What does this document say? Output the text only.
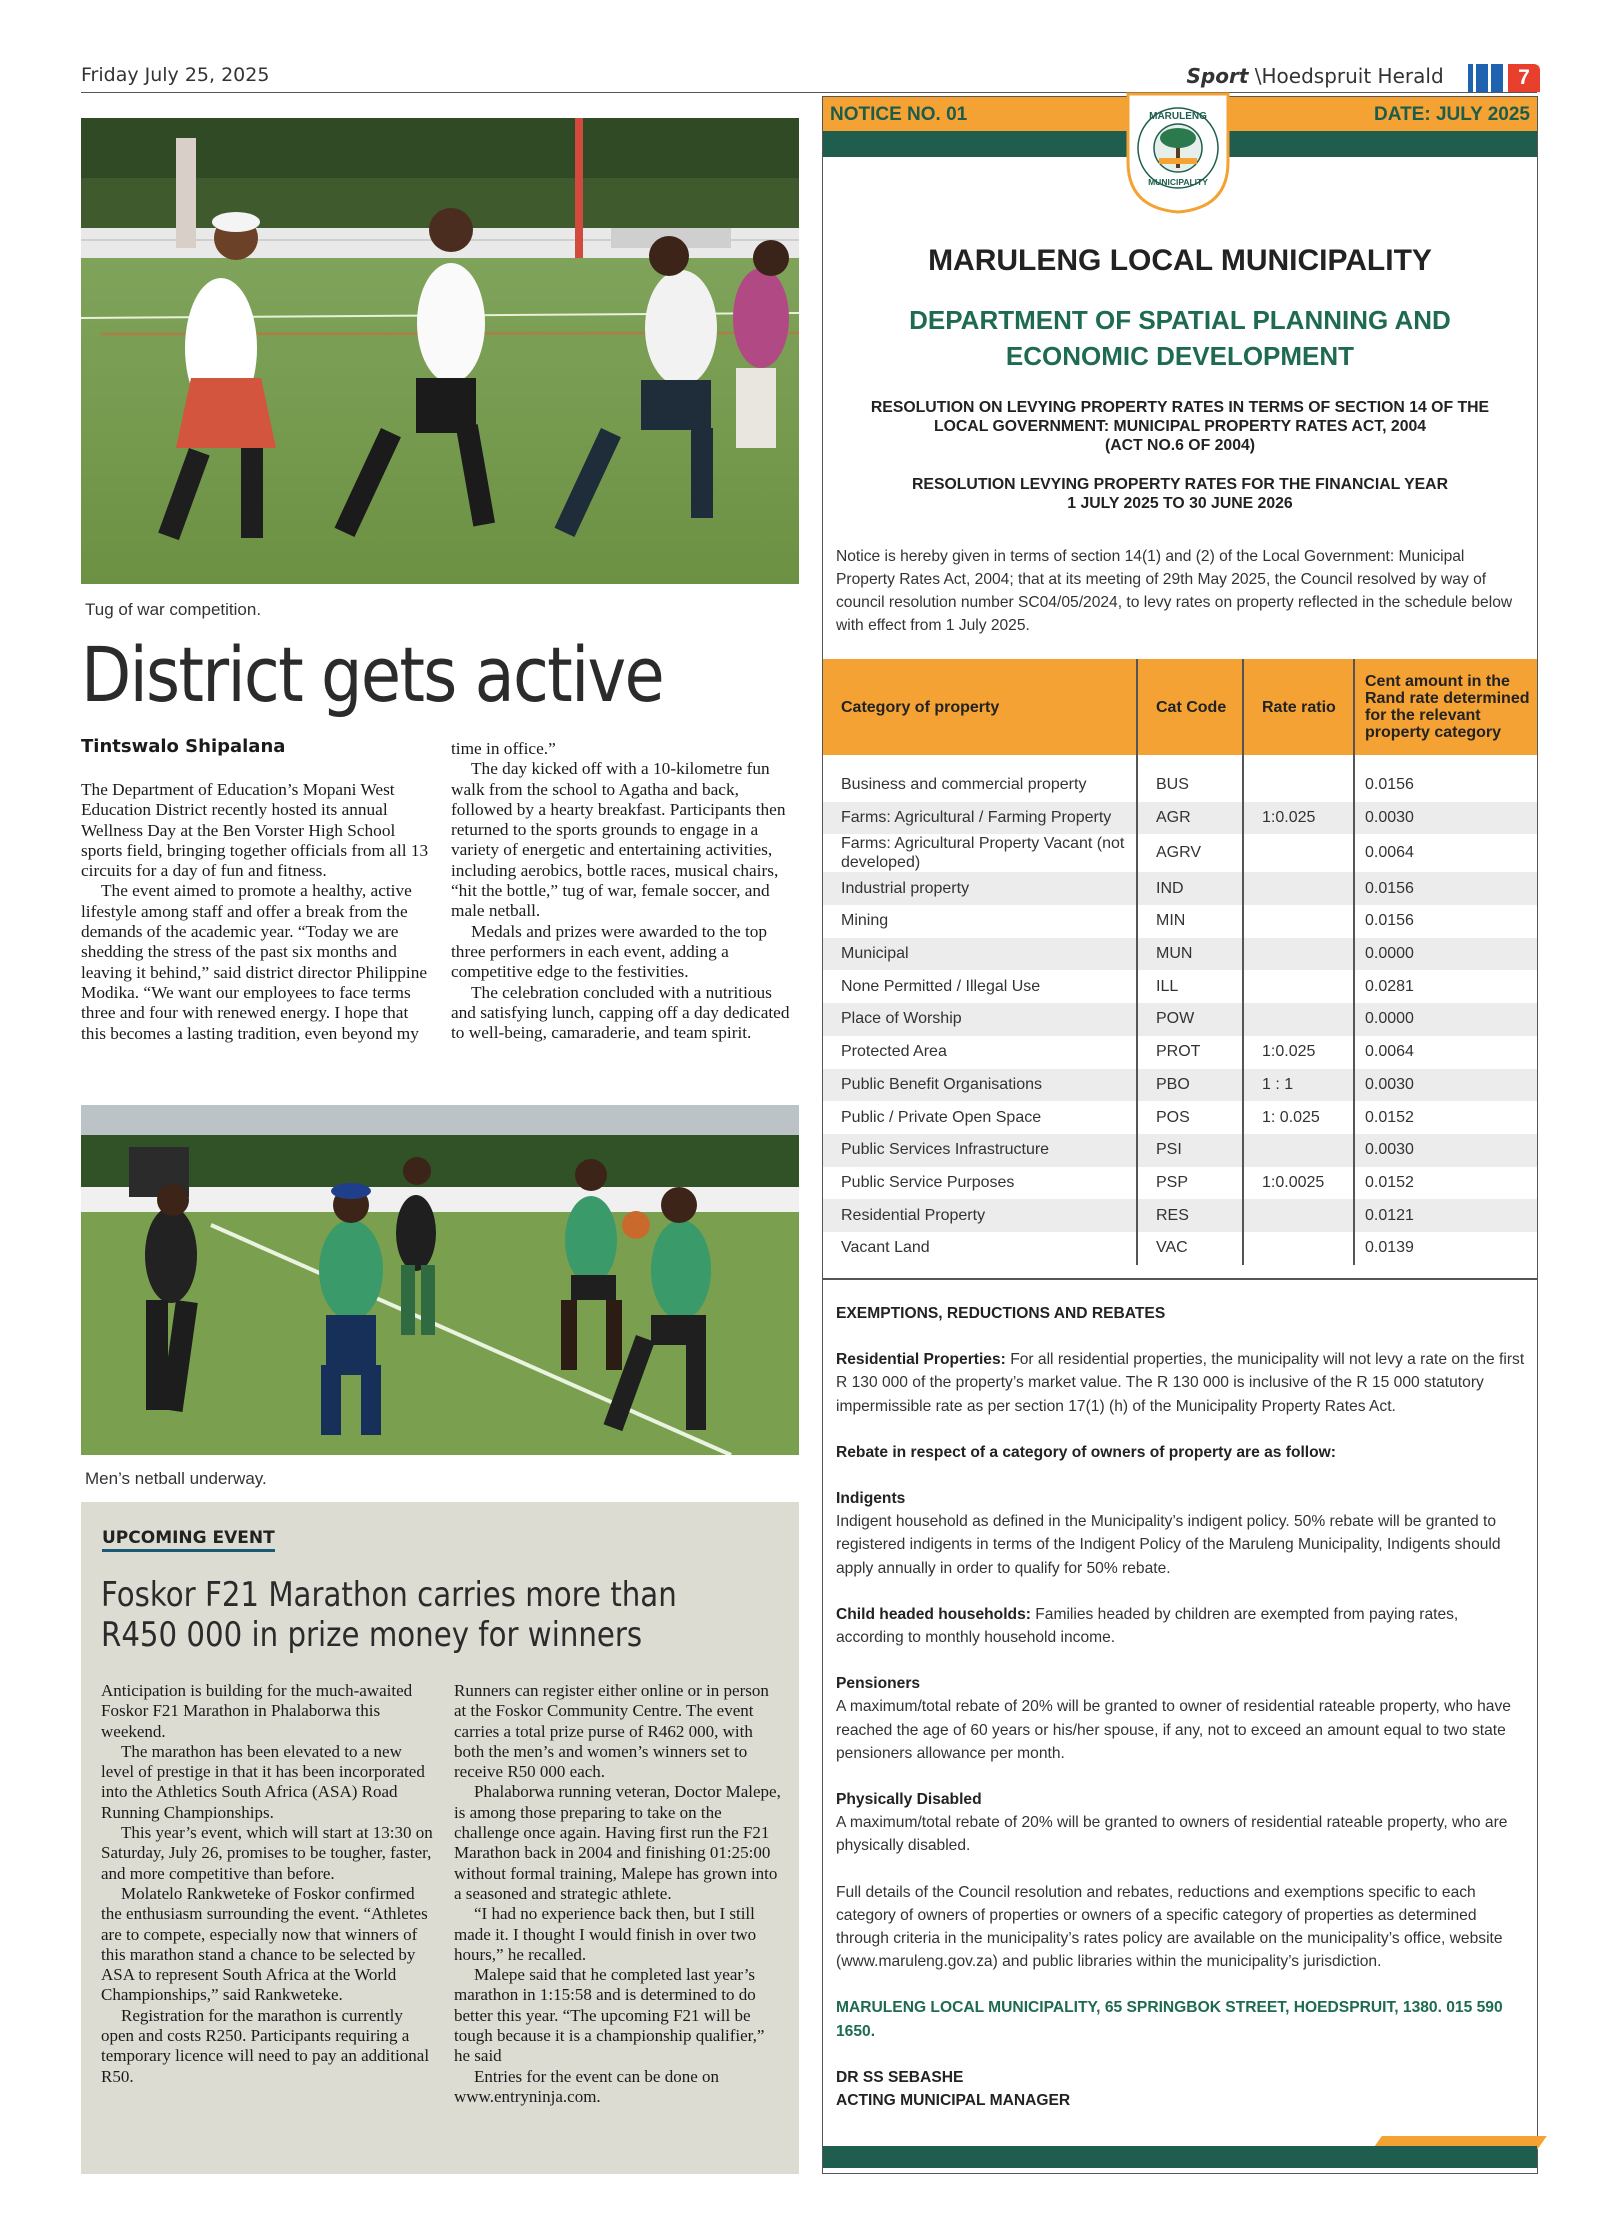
Friday July 25, 2025	Sport \Hoedspruit Herald	7
Tug of war competition.
District gets active
Tintswalo Shipalana

The Department of Education’s Mopani West Education District recently hosted its annual Wellness Day at the Ben Vorster High School sports field, bringing together officials from all 13 circuits for a day of fun and fitness.

The event aimed to promote a healthy, active lifestyle among staff and offer a break from the demands of the academic year. “Today we are shedding the stress of the past six months and leaving it behind,” said district director Philippine Modika. “We want our employees to face terms three and four with renewed energy. I hope that this becomes a lasting tradition, even beyond my

time in office.”

The day kicked off with a 10-kilometre fun walk from the school to Agatha and back, followed by a hearty breakfast. Participants then returned to the sports grounds to engage in a variety of energetic and entertaining activities, including aerobics, bottle races, musical chairs, “hit the bottle,” tug of war, female soccer, and male netball.

Medals and prizes were awarded to the top three performers in each event, adding a competitive edge to the festivities.

The celebration concluded with a nutritious and satisfying lunch, capping off a day dedicated to well-being, camaraderie, and team spirit.

Men’s netball underway.
UPCOMING EVENT
Foskor F21 Marathon carries more than R450 000 in prize money for winners

Anticipation is building for the much-awaited Foskor F21 Marathon in Phalaborwa this weekend.

The marathon has been elevated to a new level of prestige in that it has been incorporated into the Athletics South Africa (ASA) Road Running Championships.

This year’s event, which will start at 13:30 on Saturday, July 26, promises to be tougher, faster, and more competitive than before.

Molatelo Rankweteke of Foskor confirmed the enthusiasm surrounding the event. “Athletes are to compete, especially now that winners of this marathon stand a chance to be selected by ASA to represent South Africa at the World Championships,” said Rankweteke.

Registration for the marathon is currently open and costs R250. Participants requiring a temporary licence will need to pay an additional R50.

Runners can register either online or in person at the Foskor Community Centre. The event carries a total prize purse of R462 000, with both the men’s and women’s winners set to receive R50 000 each.

Phalaborwa running veteran, Doctor Malepe, is among those preparing to take on the challenge once again. Having first run the F21 Marathon back in 2004 and finishing 01:25:00 without formal training, Malepe has grown into a seasoned and strategic athlete.

“I had no experience back then, but I still made it. I thought I would finish in over two hours,” he recalled.

Malepe said that he completed last year’s marathon in 1:15:58 and is determined to do better this year. “The upcoming F21 will be tough because it is a championship qualifier,” he said

Entries for the event can be done on www.entryninja.com.

NOTICE NO. 01	DATE: JULY 2025
MARULENG
MUNICIPALITY
MARULENG LOCAL MUNICIPALITY
DEPARTMENT OF SPATIAL PLANNING AND
ECONOMIC DEVELOPMENT
RESOLUTION ON LEVYING PROPERTY RATES IN TERMS OF SECTION 14 OF THE
LOCAL GOVERNMENT: MUNICIPAL PROPERTY RATES ACT, 2004
(ACT NO.6 OF 2004)
RESOLUTION LEVYING PROPERTY RATES FOR THE FINANCIAL YEAR
1 JULY 2025 TO 30 JUNE 2026
Notice is hereby given in terms of section 14(1) and (2) of the Local Government: Municipal Property Rates Act, 2004; that at its meeting of 29th May 2025, the Council resolved by way of council resolution number SC04/05/2024, to levy rates on property reflected in the schedule below with effect from 1 July 2025.
Category of property	Cat Code	Rate ratio	Cent amount in the Rand rate determined for the relevant property category
Business and commercial property	BUS		0.0156
Farms: Agricultural / Farming Property	AGR	1:0.025	0.0030
Farms: Agricultural Property Vacant (not developed)	AGRV		0.0064
Industrial property	IND		0.0156
Mining	MIN		0.0156
Municipal	MUN		0.0000
None Permitted / Illegal Use	ILL		0.0281
Place of Worship	POW		0.0000
Protected Area	PROT	1:0.025	0.0064
Public Benefit Organisations	PBO	1 : 1	0.0030
Public / Private Open Space	POS	1: 0.025	0.0152
Public Services Infrastructure	PSI		0.0030
Public Service Purposes	PSP	1:0.0025	0.0152
Residential Property	RES		0.0121
Vacant Land	VAC		0.0139

EXEMPTIONS, REDUCTIONS AND REBATES

Residential Properties: For all residential properties, the municipality will not levy a rate on the first R 130 000 of the property’s market value. The R 130 000 is inclusive of the R 15 000 statutory impermissible rate as per section 17(1) (h) of the Municipality Property Rates Act.

Rebate in respect of a category of owners of property are as follow:

Indigents
Indigent household as defined in the Municipality’s indigent policy. 50% rebate will be granted to registered indigents in terms of the Indigent Policy of the Maruleng Municipality, Indigents should apply annually in order to qualify for 50% rebate.

Child headed households: Families headed by children are exempted from paying rates, according to monthly household income.

Pensioners
A maximum/total rebate of 20% will be granted to owner of residential rateable property, who have reached the age of 60 years or his/her spouse, if any, not to exceed an amount equal to two state pensioners allowance per month.

Physically Disabled
A maximum/total rebate of 20% will be granted to owners of residential rateable property, who are physically disabled.

Full details of the Council resolution and rebates, reductions and exemptions specific to each category of owners of properties or owners of a specific category of properties as determined through criteria in the municipality’s rates policy are available on the municipality’s office, website (www.maruleng.gov.za) and public libraries within the municipality’s jurisdiction.

MARULENG LOCAL MUNICIPALITY, 65 SPRINGBOK STREET, HOEDSPRUIT, 1380. 015 590 1650.

DR SS SEBASHE
ACTING MUNICIPAL MANAGER
